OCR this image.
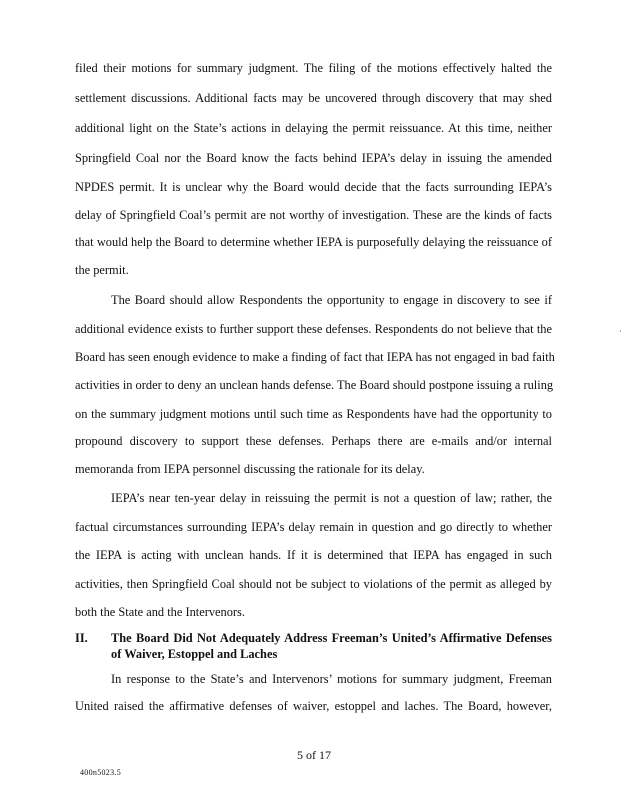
filed their motions for summary judgment. The filing of the motions effectively halted the
settlement discussions. Additional facts may be uncovered through discovery that may shed
additional light on the State’s actions in delaying the permit reissuance. At this time, neither
Springfield Coal nor the Board know the facts behind IEPA’s delay in issuing the amended
NPDES permit. It is unclear why the Board would decide that the facts surrounding IEPA’s
delay of Springfield Coal’s permit are not worthy of investigation. These are the kinds of facts
that would help the Board to determine whether IEPA is purposefully delaying the reissuance of
the permit.
The Board should allow Respondents the opportunity to engage in discovery to see if
additional evidence exists to further support these defenses. Respondents do not believe that the
Board has seen enough evidence to make a finding of fact that IEPA has not engaged in bad faith
activities in order to deny an unclean hands defense. The Board should postpone issuing a ruling
on the summary judgment motions until such time as Respondents have had the opportunity to
propound discovery to support these defenses. Perhaps there are e-mails and/or internal
memoranda from IEPA personnel discussing the rationale for its delay.
IEPA’s near ten-year delay in reissuing the permit is not a question of law; rather, the
factual circumstances surrounding IEPA’s delay remain in question and go directly to whether
the IEPA is acting with unclean hands. If it is determined that IEPA has engaged in such
activities, then Springfield Coal should not be subject to violations of the permit as alleged by
both the State and the Intervenors.
II. The Board Did Not Adequately Address Freeman’s United’s Affirmative Defenses
of Waiver, Estoppel and Laches
In response to the State’s and Intervenors’ motions for summary judgment, Freeman
United raised the affirmative defenses of waiver, estoppel and laches. The Board, however,
5 of 17
400n5023.5
·
